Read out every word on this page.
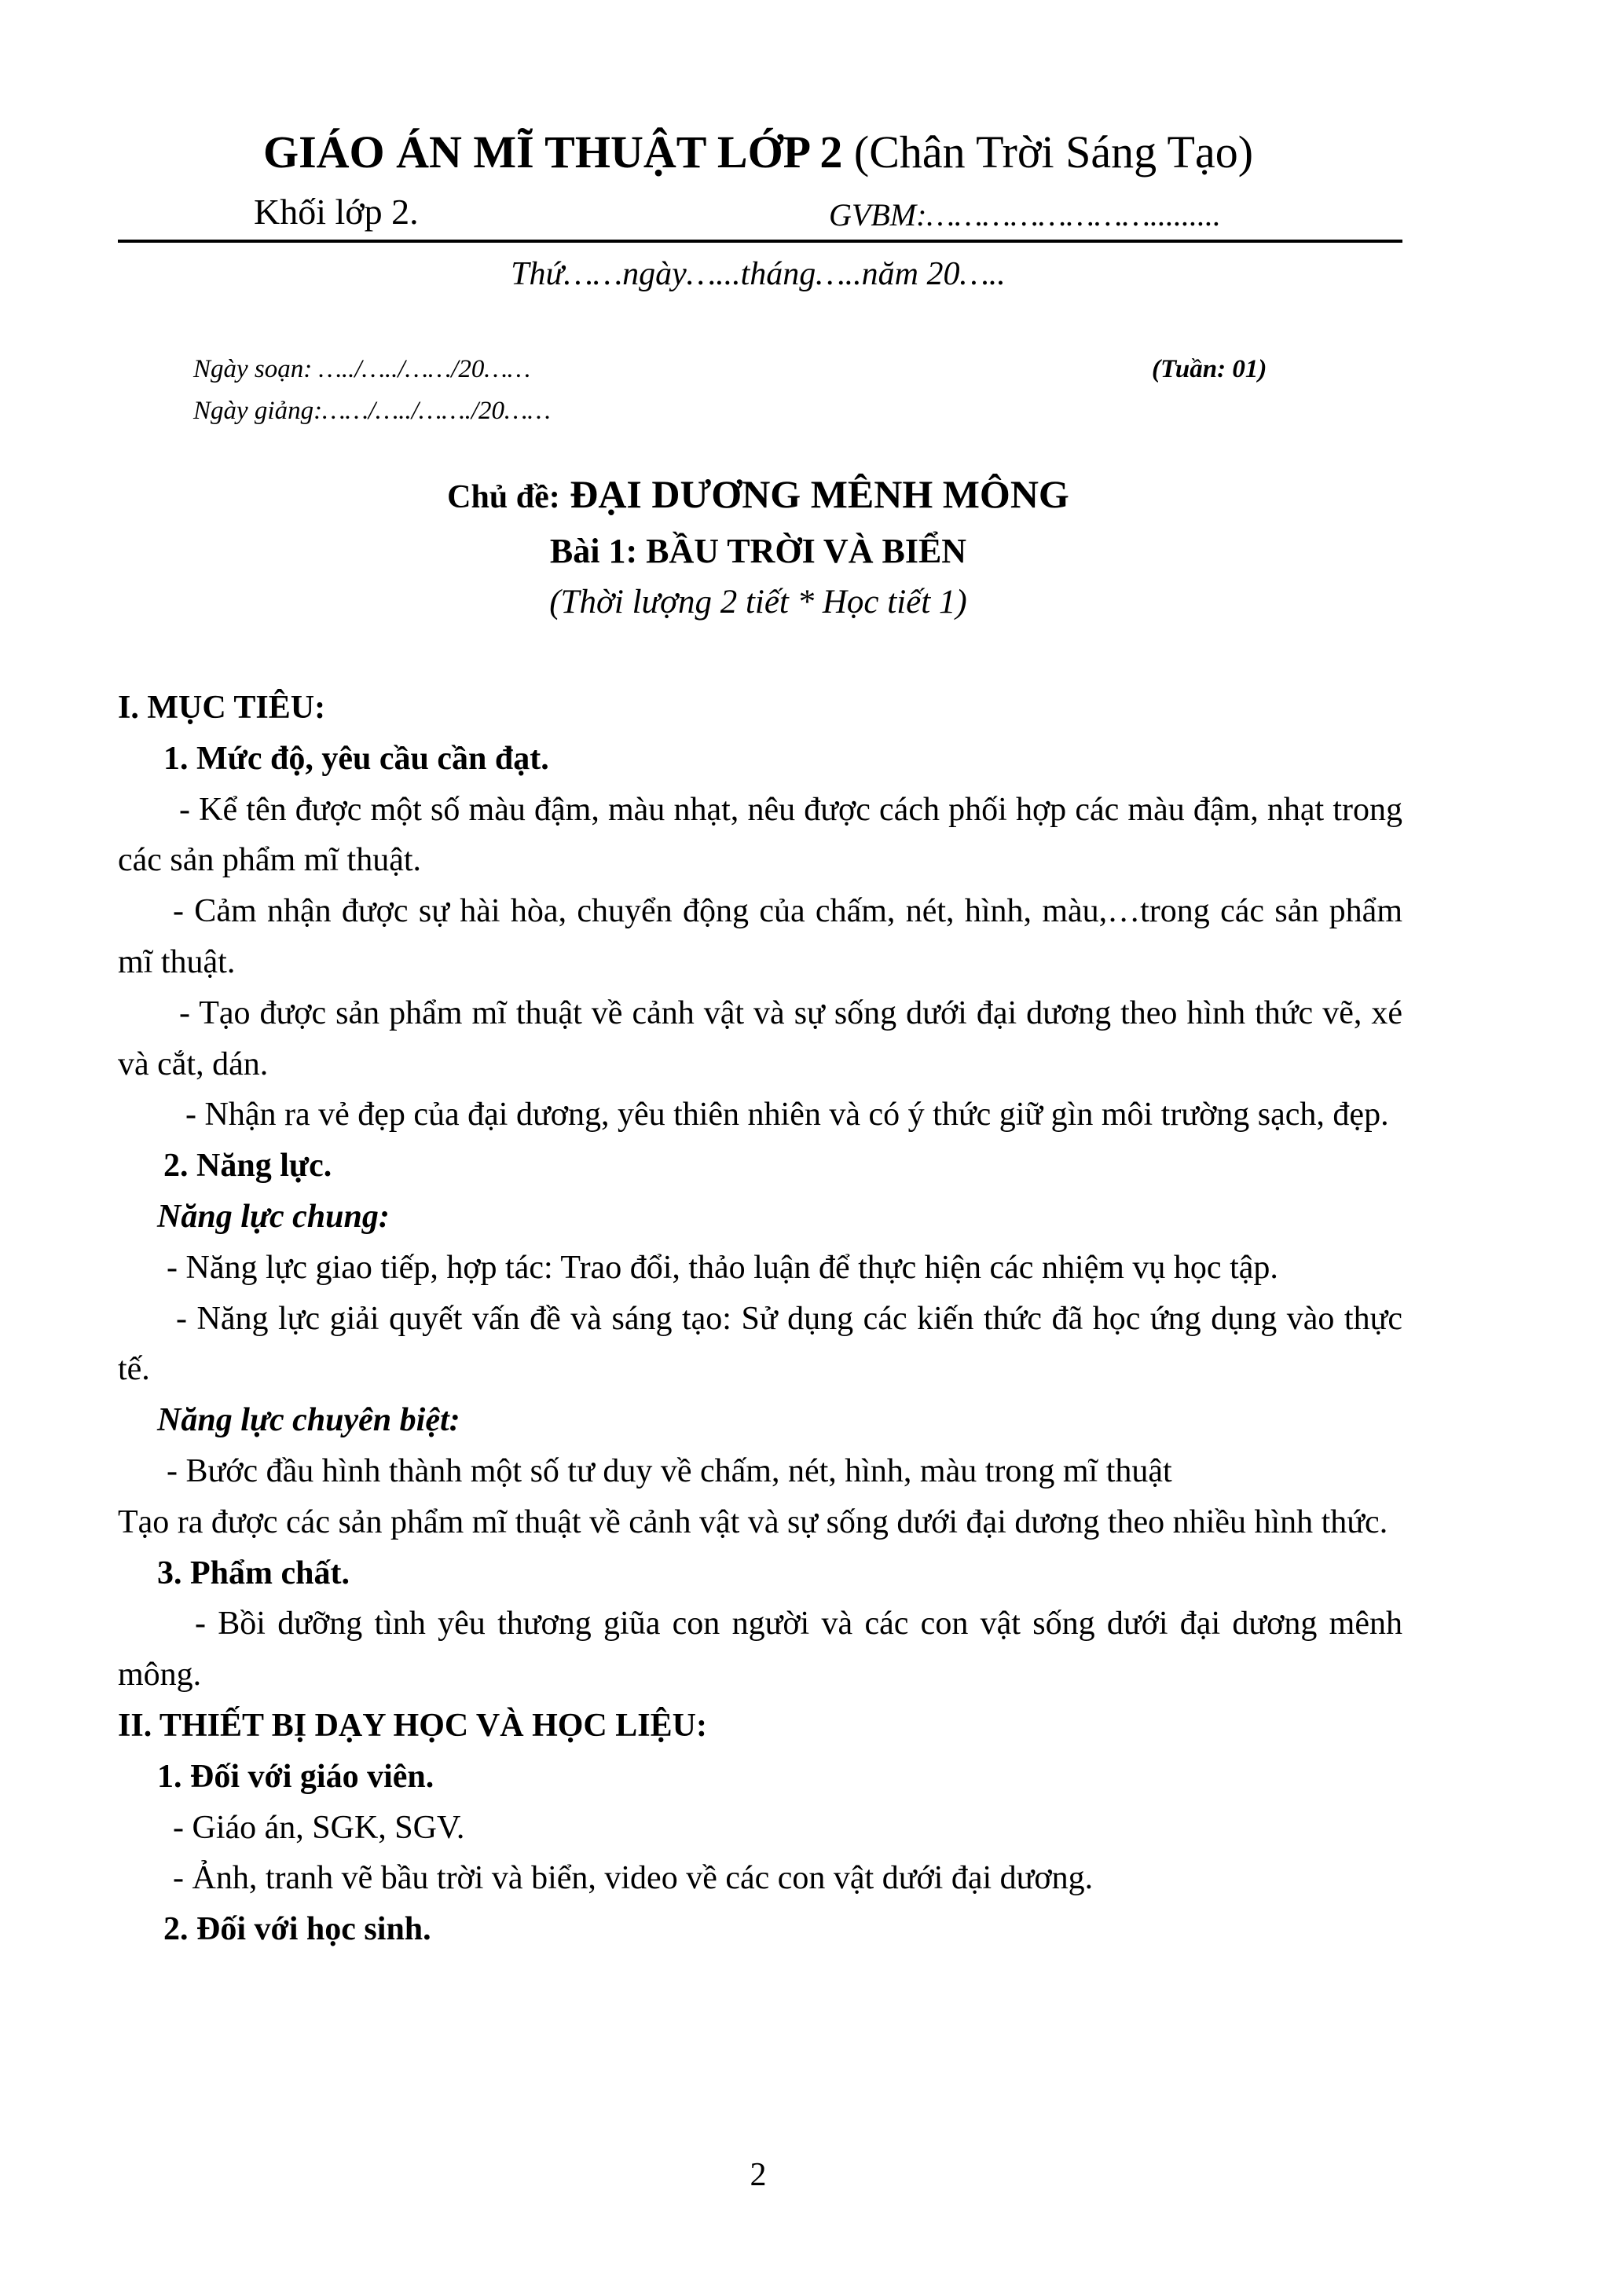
GIÁO ÁN MĨ THUẬT LỚP 2 (Chân Trời Sáng Tạo)
Khối lớp 2.	GVBM:…………………….........
Thứ……ngày…...tháng…..năm 20…..
Ngày soạn: …../…../……/20……
Ngày giảng:……/…../……./20……
(Tuần: 01)
Chủ đề: ĐẠI DƯƠNG MÊNH MÔNG
Bài 1: BẦU TRỜI VÀ BIỂN
(Thời lượng 2 tiết * Học tiết 1)

I. MỤC TIÊU:

1. Mức độ, yêu cầu cần đạt.

- Kể tên được một số màu đậm, màu nhạt, nêu được cách phối hợp các màu đậm, nhạt trong các sản phẩm mĩ thuật.

- Cảm nhận được sự hài hòa, chuyển động của chấm, nét, hình, màu,…trong các sản phẩm mĩ thuật.

- Tạo được sản phẩm mĩ thuật về cảnh vật và sự sống dưới đại dương theo hình thức vẽ, xé và cắt, dán.

- Nhận ra vẻ đẹp của đại dương, yêu thiên nhiên và có ý thức giữ gìn môi trường sạch, đẹp.

2. Năng lực.

Năng lực chung:

- Năng lực giao tiếp, hợp tác: Trao đổi, thảo luận để thực hiện các nhiệm vụ học tập.

- Năng lực giải quyết vấn đề và sáng tạo: Sử dụng các kiến thức đã học ứng dụng vào thực tế.

Năng lực chuyên biệt:

- Bước đầu hình thành một số tư duy về chấm, nét, hình, màu trong mĩ thuật

Tạo ra được các sản phẩm mĩ thuật về cảnh vật và sự sống dưới đại dương theo nhiều hình thức.

3. Phẩm chất.

- Bồi dưỡng tình yêu thương giũa con người và các con vật sống dưới đại dương mênh mông.

II. THIẾT BỊ DẠY HỌC VÀ HỌC LIỆU:

1. Đối với giáo viên.

- Giáo án, SGK, SGV.

- Ảnh, tranh vẽ bầu trời và biển, video về các con vật dưới đại dương.

2. Đối với học sinh.

2
